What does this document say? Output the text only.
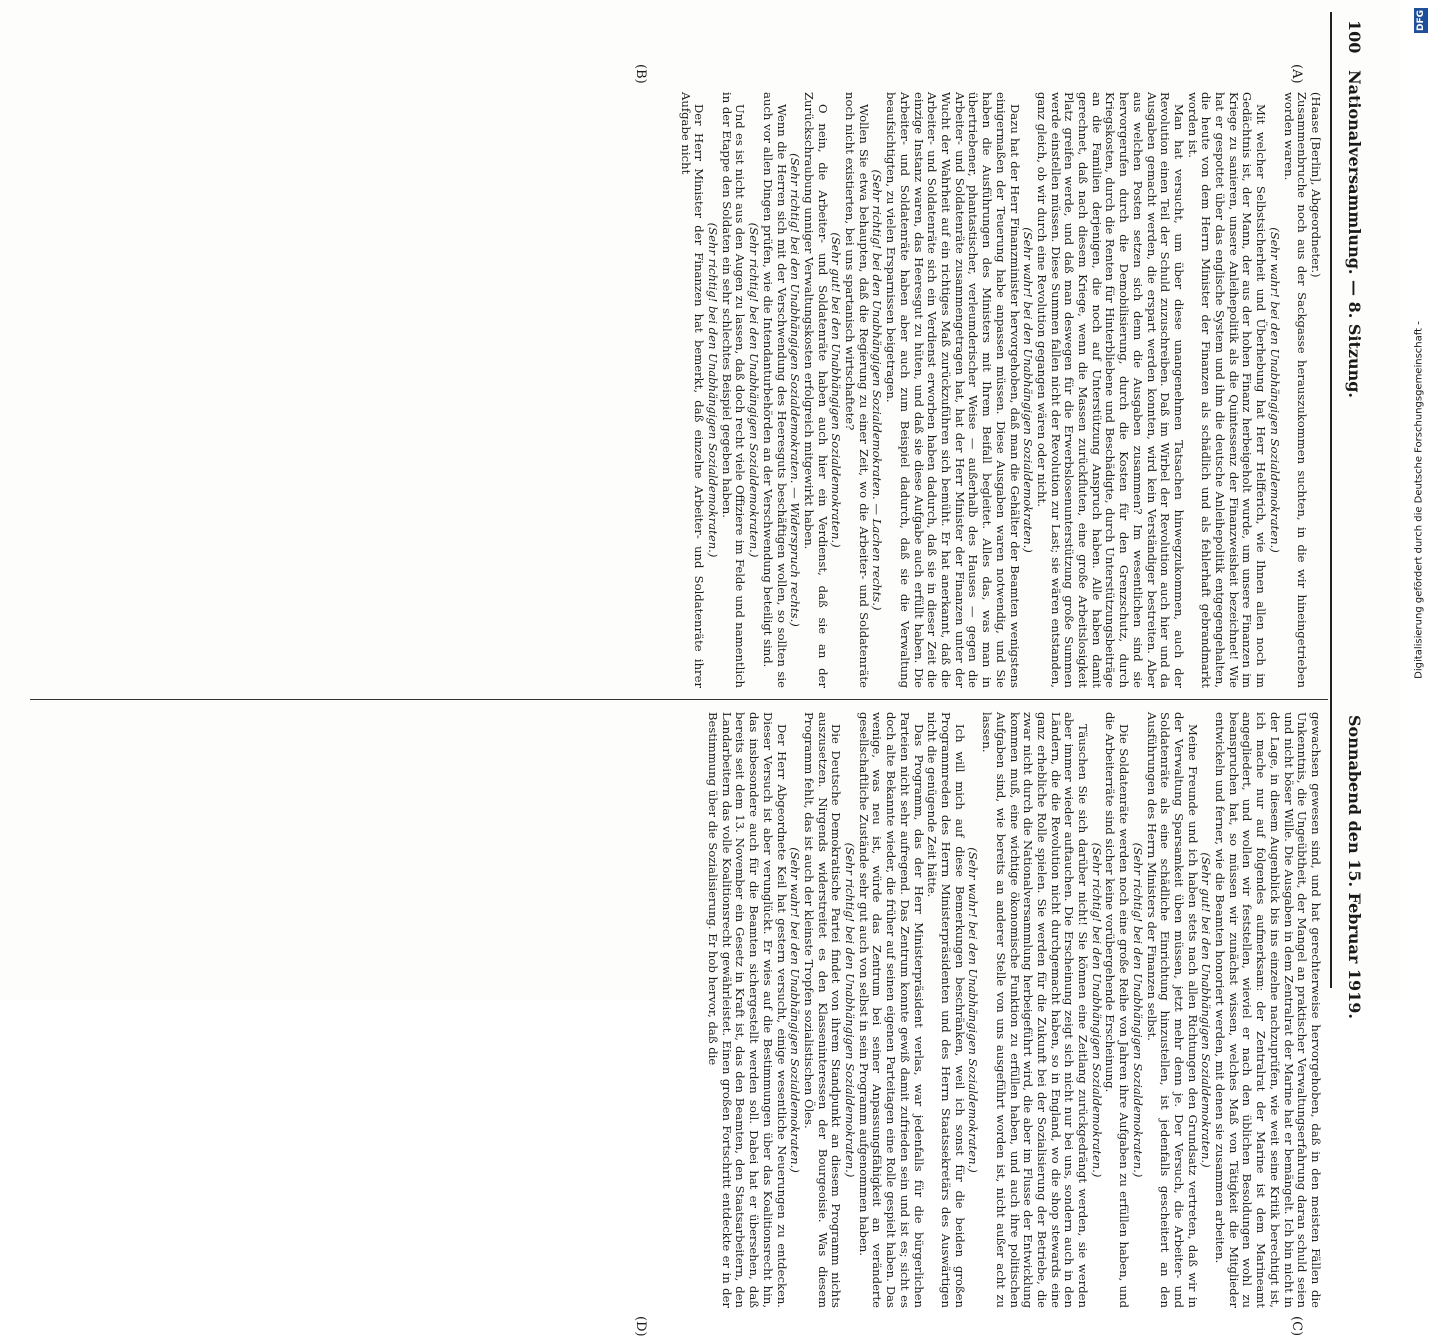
100
Nationalversammlung. — 8. Sitzung.
Sonnabend den 15. Februar 1919.
(A)
(B)
(C)
(D)

(Haase [Berlin], Abgeordneter.)

Zusammenbruche noch aus der Sackgasse herauszukommen suchten, in die wir hineingetrieben worden waren.

(Sehr wahr! bei den Unabhängigen Sozialdemokraten.)

Mit welcher Selbstsicherheit und Überhebung hat Herr Helfferich, wie Ihnen allen noch im Gedächtnis ist, der Mann, der aus der hohen Finanz herbeigeholt wurde, um unsere Finanzen im Kriege zu sanieren, unsere Anleihepolitik als die Quintessenz der Finanzweisheit bezeichnet! Wie hat er gespottet über das englische System und ihm die deutsche Anleihepolitik entgegengehalten, die heute von dem Herrn Minister der Finanzen als schädlich und als fehlerhaft gebrandmarkt worden ist.

Man hat versucht, um über diese unangenehmen Tatsachen hinwegzukommen, auch der Revolution einen Teil der Schuld zuzuschreiben. Daß im Wirbel der Revolution auch hier und da Ausgaben gemacht werden, die erspart werden konnten, wird kein Verständiger bestreiten. Aber aus welchen Posten setzen sich denn die Ausgaben zusammen? Im wesentlichen sind sie hervorgerufen durch die Demobilisierung, durch die Kosten für den Grenzschutz, durch Kriegskosten, durch die Renten für Hinterbliebene und Beschädigte, durch Unterstützungsbeiträge an die Familien derjenigen, die noch auf Unterstützung Anspruch haben. Alle haben damit gerechnet, daß nach diesem Kriege, wenn die Massen zurückfluten, eine große Arbeitslosigkeit Platz greifen werde, und daß man deswegen für die Erwerbslosenunterstützung große Summen werde einstellen müssen. Diese Summen fallen nicht der Revolution zur Last; sie wären entstanden, ganz gleich, ob wir durch eine Revolution gegangen wären oder nicht.

(Sehr wahr! bei den Unabhängigen Sozialdemokraten.)

Dazu hat der Herr Finanzminister hervorgehoben, daß man die Gehälter der Beamten wenigstens einigermaßen der Teuerung habe anpassen müssen. Diese Ausgaben waren notwendig, und Sie haben die Ausführungen des Ministers mit Ihrem Beifall begleitet. Alles das, was man in übertriebener, phantastischer, verleumderischer Weise — außerhalb des Hauses — gegen die Arbeiter- und Soldatenräte zusammengetragen hat, hat der Herr Minister der Finanzen unter der Wucht der Wahrheit auf ein richtiges Maß zurückzuführen sich bemüht. Er hat anerkannt, daß die Arbeiter- und Soldatenräte sich ein Verdienst erworben haben dadurch, daß sie in dieser Zeit die einzige Instanz waren, das Heeresgut zu hüten, und daß sie diese Aufgabe auch erfüllt haben. Die Arbeiter- und Soldatenräte haben aber auch zum Beispiel dadurch, daß sie die Verwaltung beaufsichtigten, zu vielen Ersparnissen beigetragen.

(Sehr richtig! bei den Unabhängigen Sozialdemokraten. — Lachen rechts.)

Wollen Sie etwa behaupten, daß die Regierung zu einer Zeit, wo die Arbeiter- und Soldatenräte noch nicht existierten, bei uns spartanisch wirtschaftete?

(Sehr gut! bei den Unabhängigen Sozialdemokraten.)

O nein, die Arbeiter- und Soldatenräte haben auch hier ein Verdienst, daß sie an der Zurückschraubung unniger Verwaltungskosten erfolgreich mitgewirkt haben.

(Sehr richtig! bei den Unabhängigen Sozialdemokraten. — Widerspruch rechts.)

Wenn die Herren sich mit der Verschwendung des Heeresguts beschäftigen wollen, so sollten sie auch vor allen Dingen prüfen, wie die Intendanturbehörden an der Verschwendung beteiligt sind.

(Sehr richtig! bei den Unabhängigen Sozialdemokraten.)

Und es ist nicht aus den Augen zu lassen, daß doch recht viele Offiziere im Felde und namentlich in der Etappe den Soldaten ein sehr schlechtes Beispiel gegeben haben.

(Sehr richtig! bei den Unabhängigen Sozialdemokraten.)

Der Herr Minister der Finanzen hat bemerkt, daß einzelne Arbeiter- und Soldatenräte ihrer Aufgabe nicht

gewachsen gewesen sind, und hat gerechterweise hervorgehoben, daß in den meisten Fällen die Unkenntnis, die Ungeübtheit, der Mangel an praktischer Verwaltungserfahrung daran schuld seien und nicht böser Wille. Die Ausgaben in dem Zentralrat der Marine hat er bemängelt. Ich bin nicht in der Lage, in diesem Augenblick bis ins einzelne nachzuprüfen, wie weit seine Kritik berechtigt ist, ich mache nur auf folgendes aufmerksam: der Zentralrat der Marine ist dem Marineamt angegliedert, und wollen wir feststellen, wieviel er nach den üblichen Besoldungen wohl zu beanspruchen hat, so müssen wir zunächst wissen, welches Maß von Tätigkeit die Mitglieder entwickeln und ferner, wie die Beamten honoriert werden, mit denen sie zusammen arbeiten.

(Sehr gut! bei den Unabhängigen Sozialdemokraten.)

Meine Freunde und ich haben stets nach allen Richtungen den Grundsatz vertreten, daß wir in der Verwaltung Sparsamkeit üben müssen, jetzt mehr denn je. Der Versuch, die Arbeiter- und Soldatenräte als eine schädliche Einrichtung hinzustellen, ist jedenfalls gescheitert an den Ausführungen des Herrn Ministers der Finanzen selbst.

(Sehr richtig! bei den Unabhängigen Sozialdemokraten.)

Die Soldatenräte werden noch eine große Reihe von Jahren ihre Aufgaben zu erfüllen haben, und die Arbeiterräte sind sicher keine vorübergehende Erscheinung.

(Sehr richtig! bei den Unabhängigen Sozialdemokraten.)

Täuschen Sie sich darüber nicht! Sie können eine Zeitlang zurückgedrängt werden, sie werden aber immer wieder auftauchen. Die Erscheinung zeigt sich nicht nur bei uns, sondern auch in den Ländern, die die Revolution nicht durchgemacht haben, so in England, wo die shop stewards eine ganz erhebliche Rolle spielen. Sie werden für die Zukunft bei der Sozialisierung der Betriebe, die zwar nicht durch die Nationalversammlung herbeigeführt wird, die aber im Flusse der Entwicklung kommen muß, eine wichtige ökonomische Funktion zu erfüllen haben, und auch ihre politischen Aufgaben sind, wie bereits an anderer Stelle von uns ausgeführt worden ist, nicht außer acht zu lassen.

(Sehr wahr! bei den Unabhängigen Sozialdemokraten.)

Ich will mich auf diese Bemerkungen beschränken, weil ich sonst für die beiden großen Programmreden des Herrn Ministerpräsidenten und des Herrn Staatssekretärs des Auswärtigen nicht die genügende Zeit hätte.

Das Programm, das der Herr Ministerpräsident verlas, war jedenfalls für die bürgerlichen Parteien nicht sehr aufregend. Das Zentrum konnte gewiß damit zufrieden sein und ist es; sicht es doch alte Bekannte wieder, die früher auf seinen eigenen Parteitagen eine Rolle gespielt haben. Das wenige, was neu ist, würde das Zentrum bei seiner Anpassungsfähigkeit an veränderte gesellschaftliche Zustände sehr gut auch von selbst in sein Programm aufgenommen haben.

(Sehr richtig! bei den Unabhängigen Sozialdemokraten.)

Die Deutsche Demokratische Partei findet von ihrem Standpunkt an diesem Programm nichts auszusetzen. Nirgends widerstreitet es den Klasseninteressen der Bourgeoisie. Was diesem Programm fehlt, das ist auch der kleinste Tropfen sozialistischen Öles.

(Sehr wahr! bei den Unabhängigen Sozialdemokraten.)

Der Herr Abgeordnete Keil hat gestern versucht, einige wesentliche Neuerungen zu entdecken. Dieser Versuch ist aber verunglückt. Er wies auf die Bestimmungen über das Koalitionsrecht hin, das insbesondere auch für die Beamten sichergestellt werden soll. Dabei hat er übersehen, daß bereits seit dem 13. November ein Gesetz in Kraft ist, das den Beamten, den Staatsarbeitern, den Landarbeitern das volle Koalitionsrecht gewährleistet. Einen großen Fortschritt entdeckte er in der Bestimmung über die Sozialisierung. Er hob hervor, daß die

Digitalisierung gefördert durch die Deutsche Forschungsgemeinschaft -
DFG
